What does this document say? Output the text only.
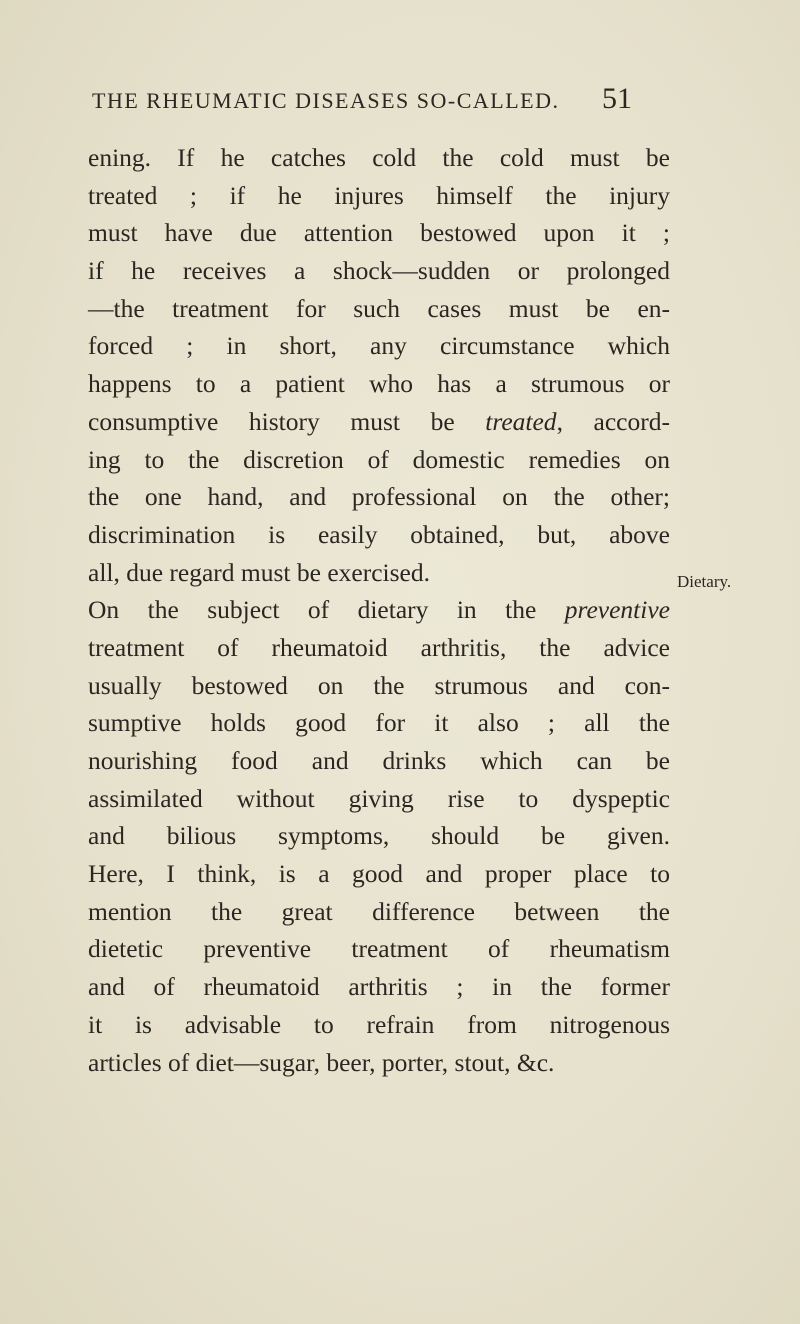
THE RHEUMATIC DISEASES SO-CALLED. 51
ening. If he catches cold the cold must be
treated ; if he injures himself the injury
must have due attention bestowed upon it ;
if he receives a shock—sudden or prolonged
—the treatment for such cases must be en-
forced ; in short, any circumstance which
happens to a patient who has a strumous or
consumptive history must be treated, accord-
ing to the discretion of domestic remedies on
the one hand, and professional on the other;
discrimination is easily obtained, but, above
all, due regard must be exercised.
On the subject of dietary in the preventive
treatment of rheumatoid arthritis, the advice
usually bestowed on the strumous and con-
sumptive holds good for it also ; all the
nourishing food and drinks which can be
assimilated without giving rise to dyspeptic
and bilious symptoms, should be given.
Here, I think, is a good and proper place to
mention the great difference between the
dietetic preventive treatment of rheumatism
and of rheumatoid arthritis ; in the former
it is advisable to refrain from nitrogenous
articles of diet—sugar, beer, porter, stout, &c.
Dietary.
